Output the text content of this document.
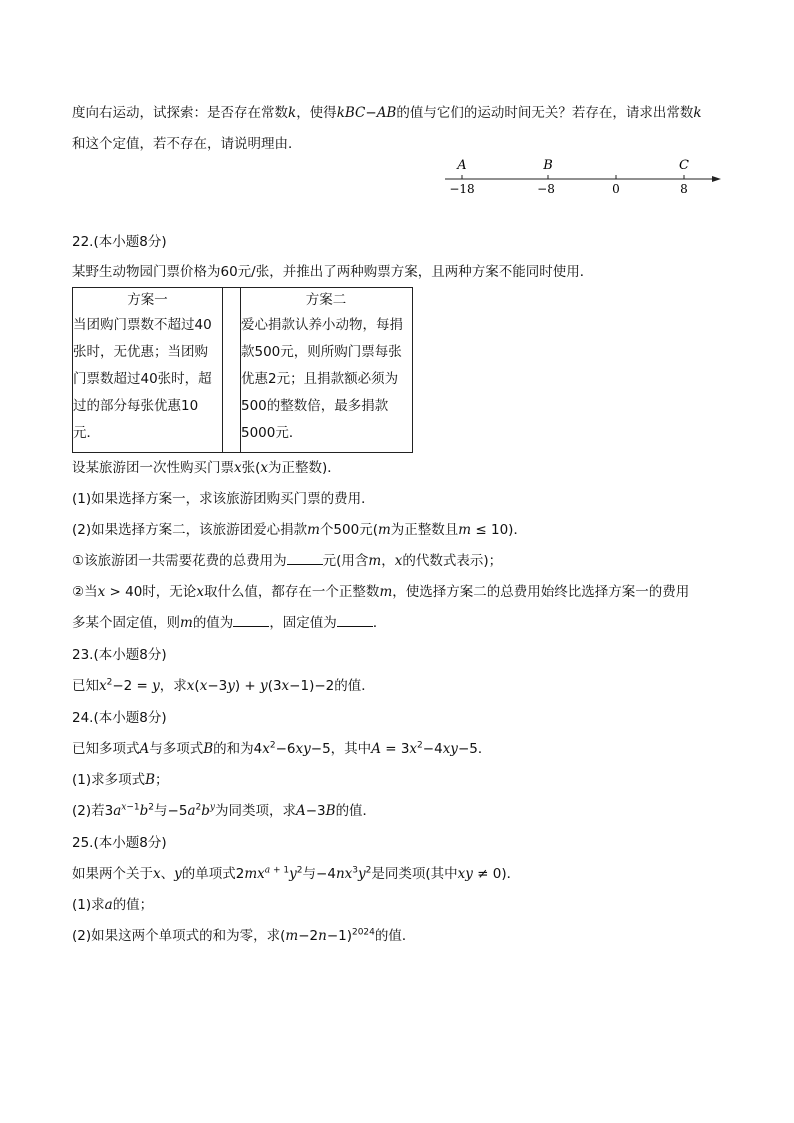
度向右运动，试探索：是否存在常数k，使得kBC−AB的值与它们的运动时间无关？若存在，请求出常数k
和这个定值，若不存在，请说明理由．
A	B	C
−18	−8	0	8
22.(本小题8分)
某野生动物园门票价格为60元/张，并推出了两种购票方案，且两种方案不能同时使用．
方案一
当团购门票数不超过40
张时，无优惠；当团购
门票数超过40张时，超
过的部分每张优惠10
元．
方案二
爱心捐款认养小动物，每捐
款500元，则所购门票每张
优惠2元；且捐款额必须为
500的整数倍，最多捐款
5000元．
设某旅游团一次性购买门票x张(x为正整数)．
(1)如果选择方案一，求该旅游团购买门票的费用．
(2)如果选择方案二，该旅游团爱心捐款m个500元(m为正整数且m ≤ 10)．
①该旅游团一共需要花费的总费用为	元(用含m，x的代数式表示)；
②当x > 40时，无论x取什么值，都存在一个正整数m，使选择方案二的总费用始终比选择方案一的费用
多某个固定值，则m的值为	，固定值为	．
23.(本小题8分)
已知$x^2-2 = y$，求x(x−3y) + y(3x−1)−2的值．
24.(本小题8分)
已知多项式A与多项式B的和为$4x^2-6xy-5$，其中$A = 3x^2-4xy-5$．
(1)求多项式B；
(2)若$3a^{x-1}b^2$与$-5a^2b^y$为同类项，求A−3B的值．
25.(本小题8分)
如果两个关于x、y的单项式$2mx^{a + 1}y^2$与$-4nx^3y^2$是同类项(其中xy ≠ 0)．
(1)求a的值；
(2)如果这两个单项式的和为零，求$(m-2n-1)^{2024}$的值．
